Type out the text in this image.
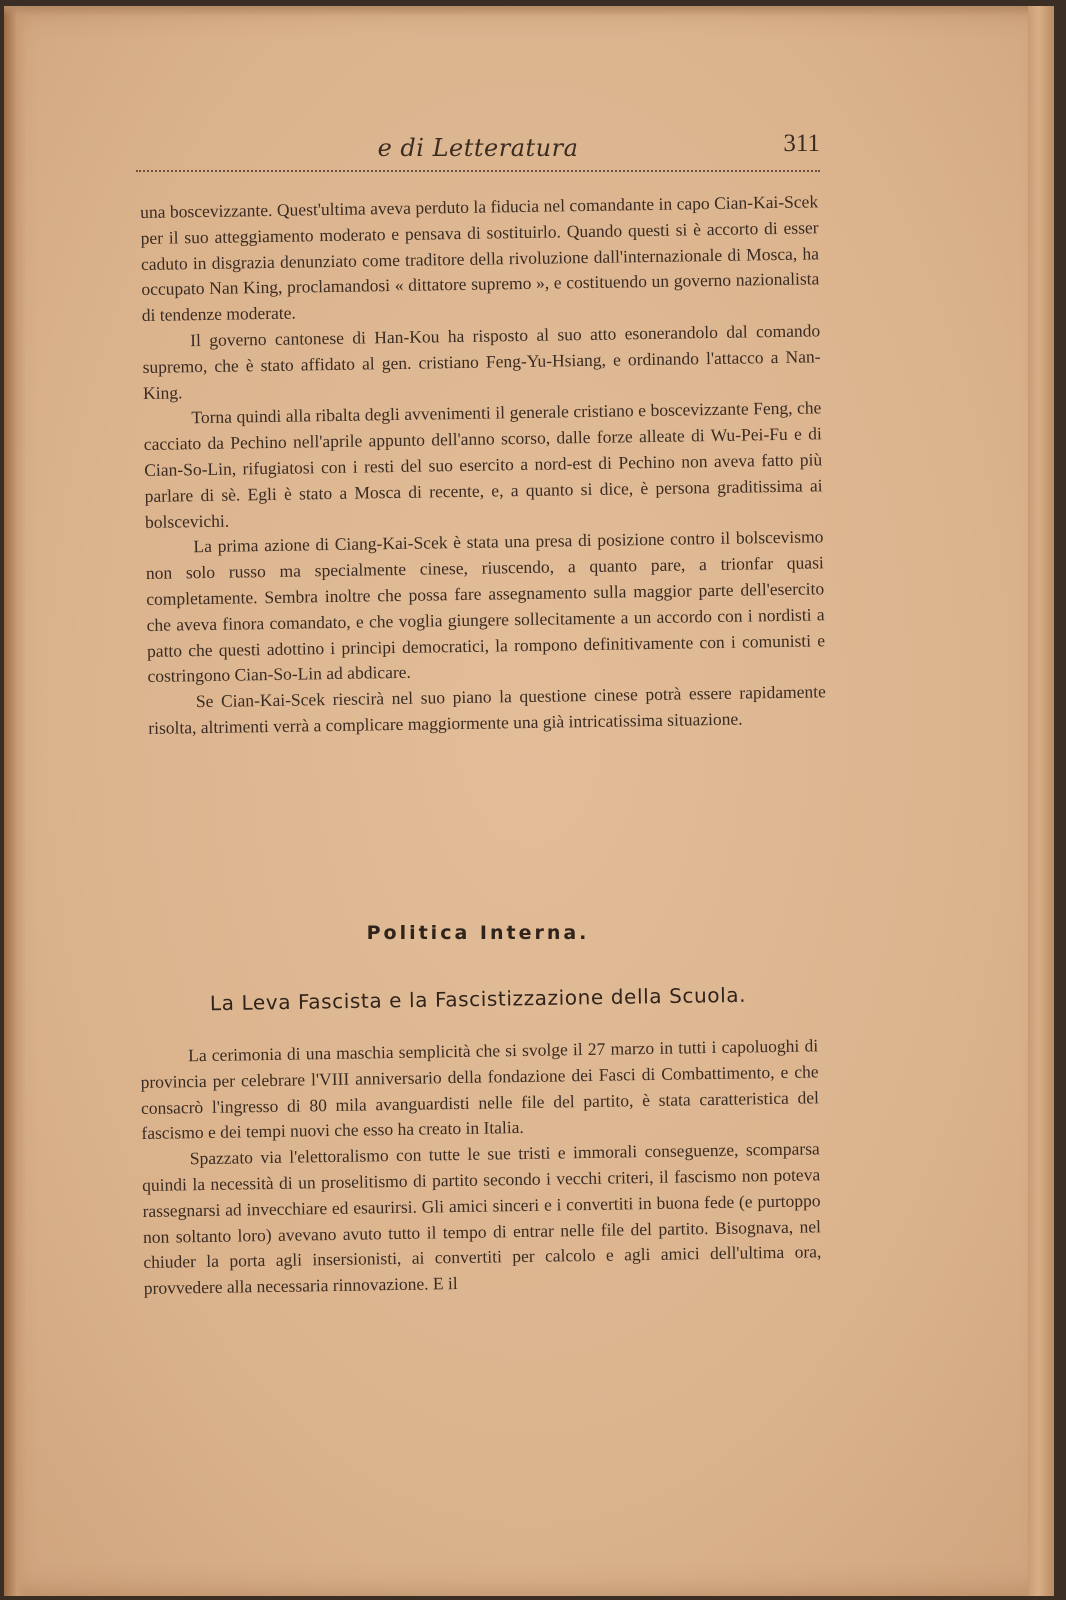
e di Letteratura	311

una boscevizzante. Quest'ultima aveva perduto la fiducia nel comandante in capo Cian-Kai-Scek per il suo atteggiamento moderato e pensava di sostituirlo. Quando questi si è accorto di esser caduto in disgrazia denunziato come traditore della rivoluzione dall'internazionale di Mosca, ha occupato Nan King, proclamandosi « dittatore supremo », e costituendo un governo nazionalista di tendenze moderate.

Il governo cantonese di Han-Kou ha risposto al suo atto esonerandolo dal comando supremo, che è stato affidato al gen. cristiano Feng-Yu-Hsiang, e ordinando l'attacco a Nan-King.

Torna quindi alla ribalta degli avvenimenti il generale cristiano e boscevizzante Feng, che cacciato da Pechino nell'aprile appunto dell'anno scorso, dalle forze alleate di Wu-Pei-Fu e di Cian-So-Lin, rifugiatosi con i resti del suo esercito a nord-est di Pechino non aveva fatto più parlare di sè. Egli è stato a Mosca di recente, e, a quanto si dice, è persona graditissima ai bolscevichi.

La prima azione di Ciang-Kai-Scek è stata una presa di posizione contro il bolscevismo non solo russo ma specialmente cinese, riuscendo, a quanto pare, a trionfar quasi completamente. Sembra inoltre che possa fare assegnamento sulla maggior parte dell'esercito che aveva finora comandato, e che voglia giungere sollecitamente a un accordo con i nordisti a patto che questi adottino i principi democratici, la rompono definitivamente con i comunisti e costringono Cian-So-Lin ad abdicare.

Se Cian-Kai-Scek riescirà nel suo piano la questione cinese potrà essere rapidamente risolta, altrimenti verrà a complicare maggiormente una già intricatissima situazione.

Politica Interna.
La Leva Fascista e la Fascistizzazione della Scuola.

La cerimonia di una maschia semplicità che si svolge il 27 marzo in tutti i capoluoghi di provincia per celebrare l'VIII anniversario della fondazione dei Fasci di Combattimento, e che consacrò l'ingresso di 80 mila avanguardisti nelle file del partito, è stata caratteristica del fascismo e dei tempi nuovi che esso ha creato in Italia.

Spazzato via l'elettoralismo con tutte le sue tristi e immorali conseguenze, scomparsa quindi la necessità di un proselitismo di partito secondo i vecchi criteri, il fascismo non poteva rassegnarsi ad invecchiare ed esaurirsi. Gli amici sinceri e i convertiti in buona fede (e purtoppo non soltanto loro) avevano avuto tutto il tempo di entrar nelle file del partito. Bisognava, nel chiuder la porta agli insersionisti, ai convertiti per calcolo e agli amici dell'ultima ora, provvedere alla necessaria rinnovazione. E il
